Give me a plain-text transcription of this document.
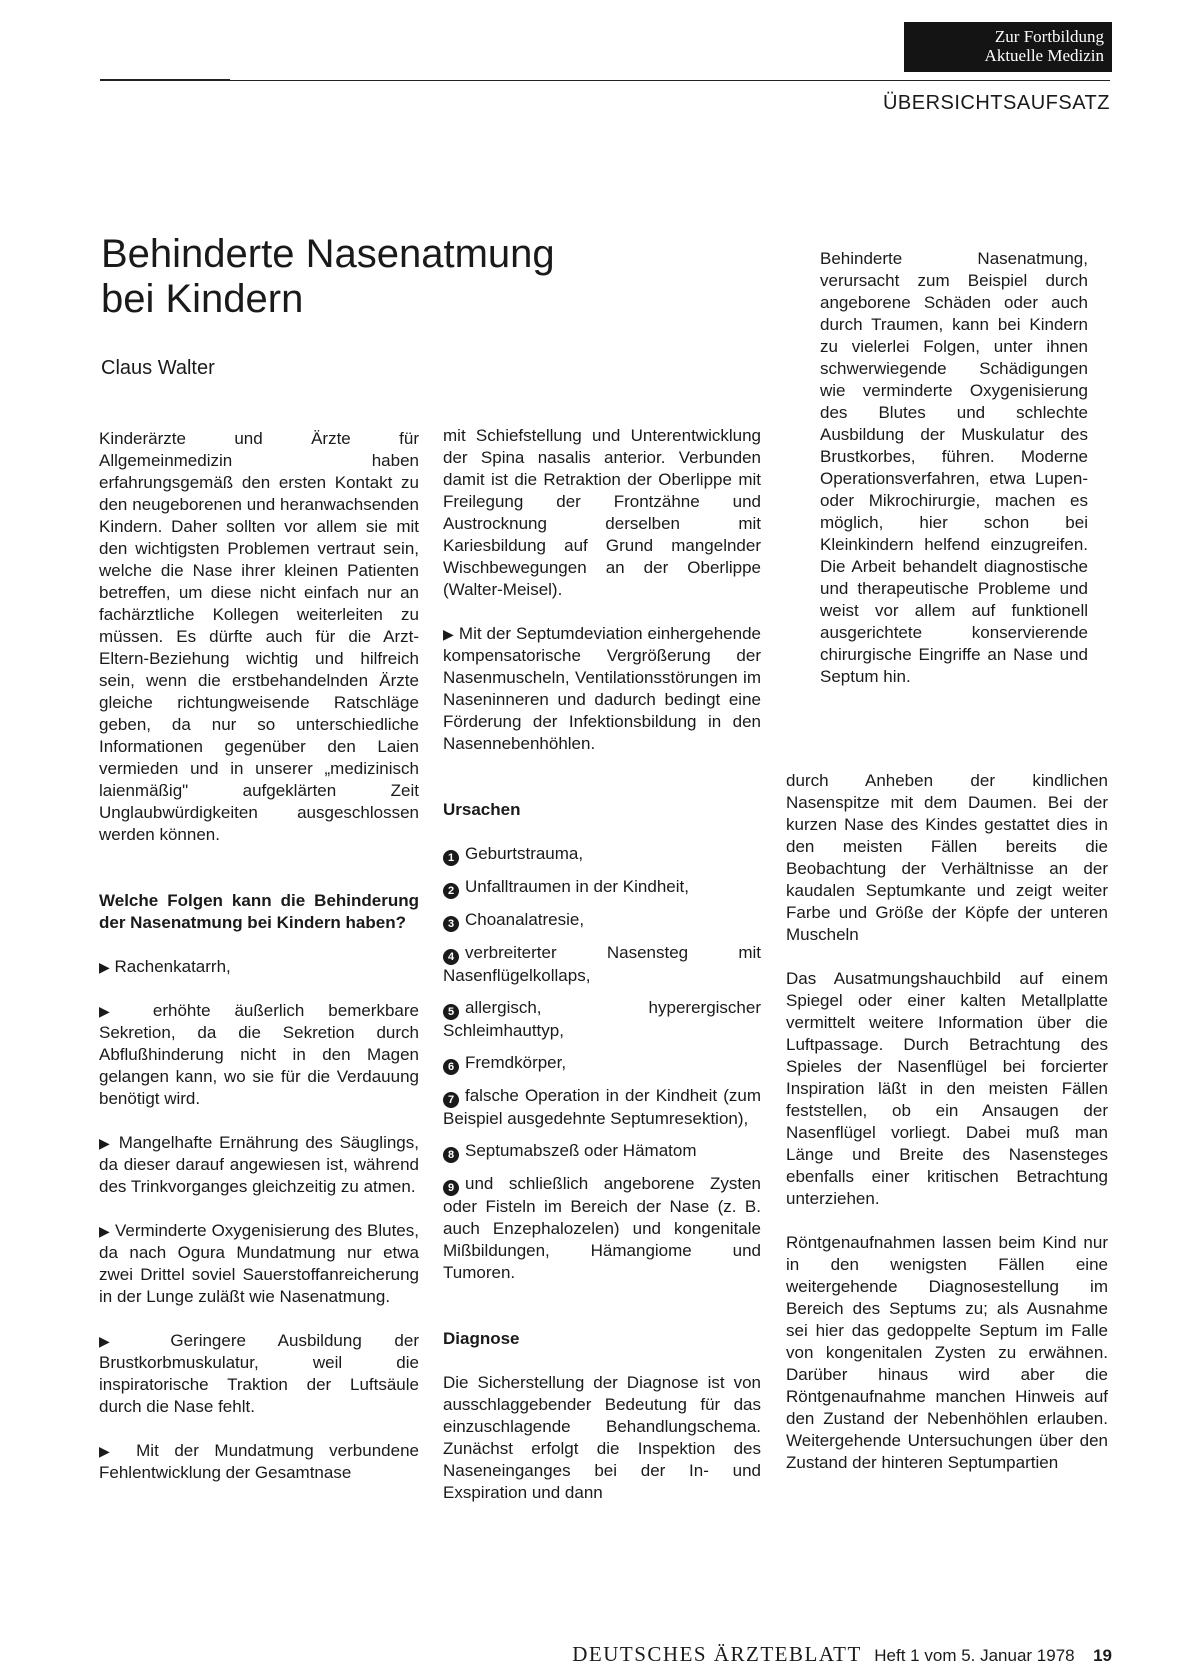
Zur Fortbildung
Aktuelle Medizin
ÜBERSICHTSAUFSATZ
Behinderte Nasenatmung
bei Kindern
Claus Walter

Behinderte Nasenatmung, verursacht zum Beispiel durch angeborene Schäden oder auch durch Traumen, kann bei Kindern zu vielerlei Folgen, unter ihnen schwerwiegende Schädigungen wie verminderte Oxygenisierung des Blutes und schlechte Ausbildung der Muskulatur des Brustkorbes, führen. Moderne Operationsverfahren, etwa Lupen- oder Mikrochirurgie, machen es möglich, hier schon bei Kleinkindern helfend einzugreifen. Die Arbeit behandelt diagnostische und therapeutische Probleme und weist vor allem auf funktionell ausgerichtete konservierende chirurgische Eingriffe an Nase und Septum hin.

Kinderärzte und Ärzte für Allgemeinmedizin haben erfahrungsgemäß den ersten Kontakt zu den neugeborenen und heranwachsenden Kindern. Daher sollten vor allem sie mit den wichtigsten Problemen vertraut sein, welche die Nase ihrer kleinen Patienten betreffen, um diese nicht einfach nur an fachärztliche Kollegen weiterleiten zu müssen. Es dürfte auch für die Arzt-Eltern-Beziehung wichtig und hilfreich sein, wenn die erstbehandelnden Ärzte gleiche richtungweisende Ratschläge geben, da nur so unterschiedliche Informationen gegenüber den Laien vermieden und in unserer „medizinisch laienmäßig" aufgeklärten Zeit Unglaubwürdigkeiten ausgeschlossen werden können.

Welche Folgen kann die Behinderung der Nasenatmung bei Kindern haben?

▶ Rachenkatarrh,

▶ erhöhte äußerlich bemerkbare Sekretion, da die Sekretion durch Abflußhinderung nicht in den Magen gelangen kann, wo sie für die Verdauung benötigt wird.

▶ Mangelhafte Ernährung des Säuglings, da dieser darauf angewiesen ist, während des Trinkvorganges gleichzeitig zu atmen.

▶ Verminderte Oxygenisierung des Blutes, da nach Ogura Mundatmung nur etwa zwei Drittel soviel Sauerstoffanreicherung in der Lunge zuläßt wie Nasenatmung.

▶ Geringere Ausbildung der Brustkorbmuskulatur, weil die inspiratorische Traktion der Luftsäule durch die Nase fehlt.

▶ Mit der Mundatmung verbundene Fehlentwicklung der Gesamtnase

mit Schiefstellung und Unterentwicklung der Spina nasalis anterior. Verbunden damit ist die Retraktion der Oberlippe mit Freilegung der Frontzähne und Austrocknung derselben mit Kariesbildung auf Grund mangelnder Wischbewegungen an der Oberlippe (Walter-Meisel).

▶ Mit der Septumdeviation einhergehende kompensatorische Vergrößerung der Nasenmuscheln, Ventilationsstörungen im Naseninneren und dadurch bedingt eine Förderung der Infektionsbildung in den Nasennebenhöhlen.

Ursachen

1 Geburtstrauma,

2 Unfalltraumen in der Kindheit,

3 Choanalatresie,

4 verbreiterter Nasensteg mit Nasenflügelkollaps,

5 allergisch, hyperergischer Schleimhauttyp,

6 Fremdkörper,

7 falsche Operation in der Kindheit (zum Beispiel ausgedehnte Septumresektion),

8 Septumabszeß oder Hämatom

9 und schließlich angeborene Zysten oder Fisteln im Bereich der Nase (z. B. auch Enzephalozelen) und kongenitale Mißbildungen, Hämangiome und Tumoren.

Diagnose

Die Sicherstellung der Diagnose ist von ausschlaggebender Bedeutung für das einzuschlagende Behandlungschema. Zunächst erfolgt die Inspektion des Naseneinganges bei der In- und Exspiration und dann

durch Anheben der kindlichen Nasenspitze mit dem Daumen. Bei der kurzen Nase des Kindes gestattet dies in den meisten Fällen bereits die Beobachtung der Verhältnisse an der kaudalen Septumkante und zeigt weiter Farbe und Größe der Köpfe der unteren Muscheln

Das Ausatmungshauchbild auf einem Spiegel oder einer kalten Metallplatte vermittelt weitere Information über die Luftpassage. Durch Betrachtung des Spieles der Nasenflügel bei forcierter Inspiration läßt in den meisten Fällen feststellen, ob ein Ansaugen der Nasenflügel vorliegt. Dabei muß man Länge und Breite des Nasensteges ebenfalls einer kritischen Betrachtung unterziehen.

Röntgenaufnahmen lassen beim Kind nur in den wenigsten Fällen eine weitergehende Diagnosestellung im Bereich des Septums zu; als Ausnahme sei hier das gedoppelte Septum im Falle von kongenitalen Zysten zu erwähnen. Darüber hinaus wird aber die Röntgenaufnahme manchen Hinweis auf den Zustand der Nebenhöhlen erlauben. Weitergehende Untersuchungen über den Zustand der hinteren Septumpartien

DEUTSCHES ÄRZTEBLATT Heft 1 vom 5. Januar 1978 19
